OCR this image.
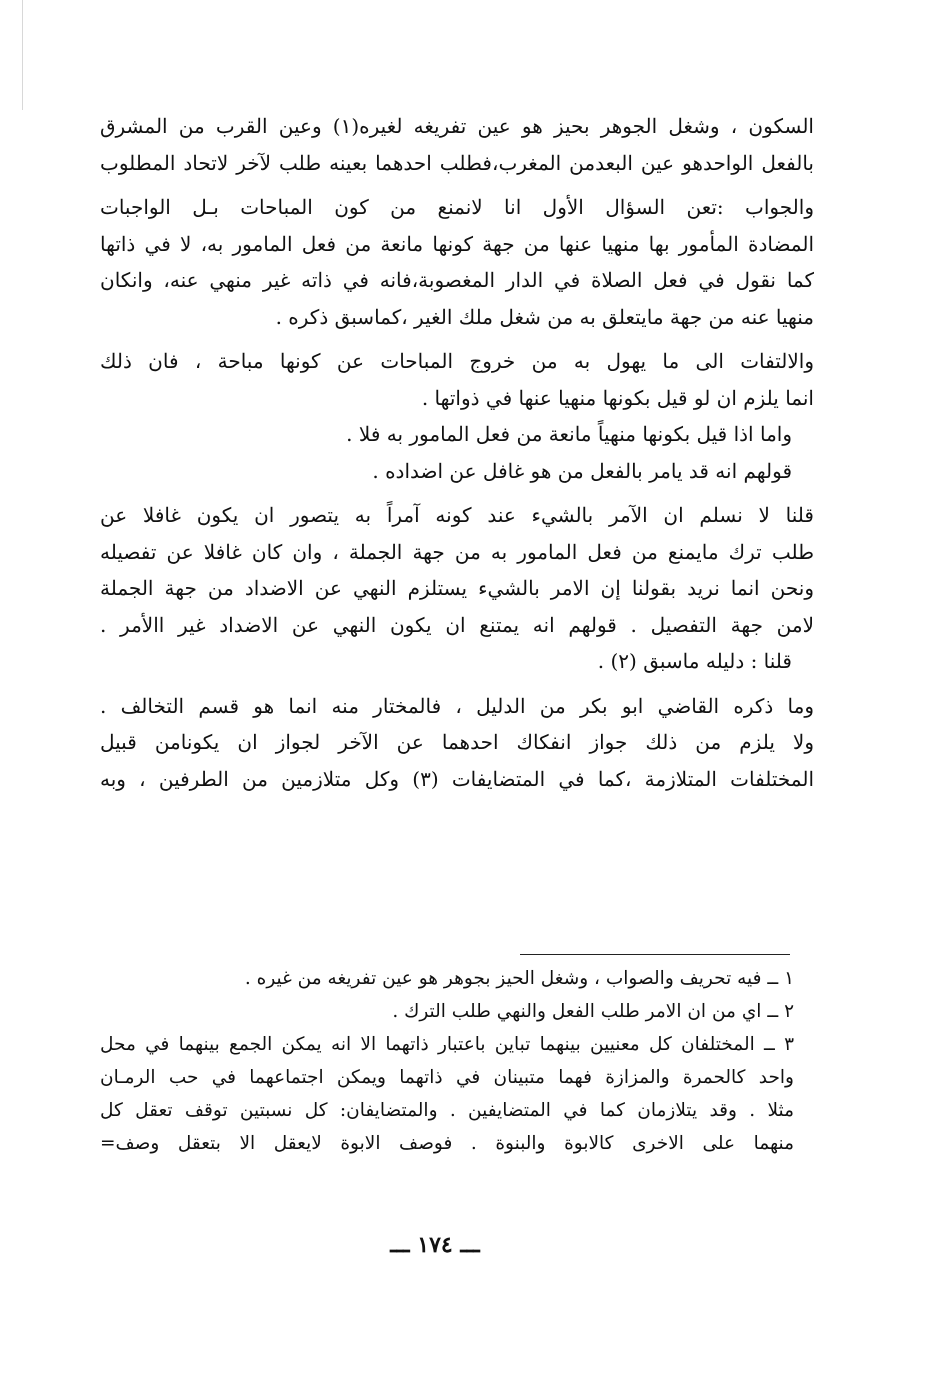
السكون ، وشغل الجوهر بحيز هو عين تفريغه لغيره(١) وعين القرب من المشرق
بالفعل الواحدهو عين البعدمن المغرب،فطلب احدهما بعينه طلب لآخر لاتحاد المطلوب
والجواب :تعن السؤال الأول انا لانمنع من كون المباحات بـل الواجبات
المضادة المأمور بها منهيا عنها من جهة كونها مانعة من فعل المامور به، لا في ذاتها
كما نقول في فعل الصلاة في الدار المغصوبة،فانه في ذاته غير منهي عنه، وانكان
منهيا عنه من جهة مايتعلق به من شغل ملك الغير ،كماسبق ذكره .
والالتفات الى ما يهول به من خروج المباحات عن كونها مباحة ، فان ذلك
انما يلزم ان لو قيل بكونها منهيا عنها في ذواتها .
واما اذا قيل بكونها منهياً مانعة من فعل المامور به فلا .
قولهم انه قد يامر بالفعل من هو غافل عن اضداده .
قلنا لا نسلم ان الآمر بالشيء عند كونه آمراً به يتصور ان يكون غافلا عن
طلب ترك مايمنع من فعل المامور به من جهة الجملة ، وان كان غافلا عن تفصيله
ونحن انما نريد بقولنا إن الامر بالشيء يستلزم النهي عن الاضداد من جهة الجملة
لامن جهة التفصيل . قولهم انه يمتنع ان يكون النهي عن الاضداد غير االأمر .
قلنا : دليله ماسبق (٢) .
وما ذكره القاضي ابو بكر من الدليل ، فالمختار منه انما هو قسم التخالف .
ولا يلزم من ذلك جواز انفكاك احدهما عن الآخر لجواز ان يكونامن قبيل
المختلفات المتلازمة ،كما في المتضايفات (٣) وكل متلازمين من الطرفين ، وبه
١ ــ فيه تحريف والصواب ، وشغل الحيز بجوهر هو عين تفريغه من غيره .
٢ ــ اي من ان الامر طلب الفعل والنهي طلب الترك .
٣ ــ المختلفان كل معنيين بينهما تباين باعتبار ذاتهما الا انه يمكن الجمع بينهما في محل
واحد كالحمرة والمزازة فهما متبينان في ذاتهما ويمكن اجتماعهما في حب الرمـان
مثلا . وقد يتلازمان كما في المتضايفين . والمتضايفان: كل نسبتين توقف تعقل كل
منهما على الاخرى كالابوة والبنوة . فوصف الابوة لايعقل الا بتعقل وصف=
ـــ ١٧٤ ـــ
